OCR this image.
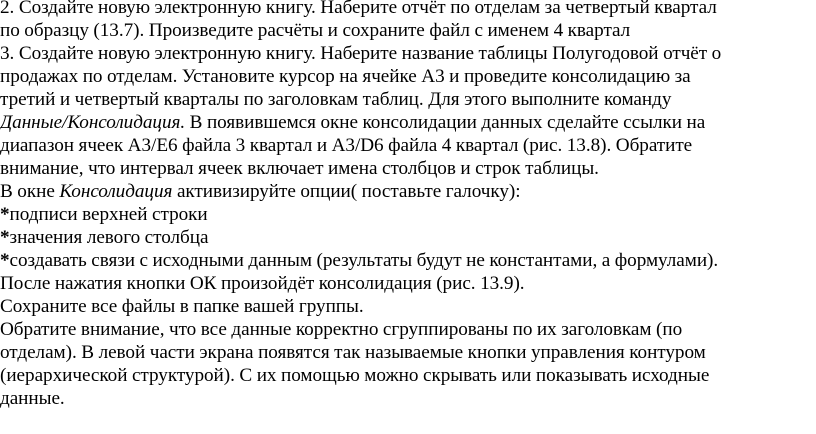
2. Создайте новую электронную книгу. Наберите отчёт по отделам за четвертый квартал
по образцу (13.7). Произведите расчёты и сохраните файл с именем 4 квартал
3. Создайте новую электронную книгу. Наберите название таблицы Полугодовой отчёт о
продажах по отделам. Установите курсор на ячейке А3 и проведите консолидацию за
третий и четвертый кварталы по заголовкам таблиц. Для этого выполните команду
Данные/Консолидация. В появившемся окне консолидации данных сделайте ссылки на
диапазон ячеек А3/Е6 файла 3 квартал и А3/D6 файла 4 квартал (рис. 13.8). Обратите
внимание, что интервал ячеек включает имена столбцов и строк таблицы.
В окне Консолидация активизируйте опции( поставьте галочку):
*подписи верхней строки
*значения левого столбца
*создавать связи с исходными данным (результаты будут не константами, а формулами).
После нажатия кнопки ОК произойдёт консолидация (рис. 13.9).
Сохраните все файлы в папке вашей группы.
Обратите внимание, что все данные корректно сгруппированы по их заголовкам (по
отделам). В левой части экрана появятся так называемые кнопки управления контуром
(иерархической структурой). С их помощью можно скрывать или показывать исходные
данные.
